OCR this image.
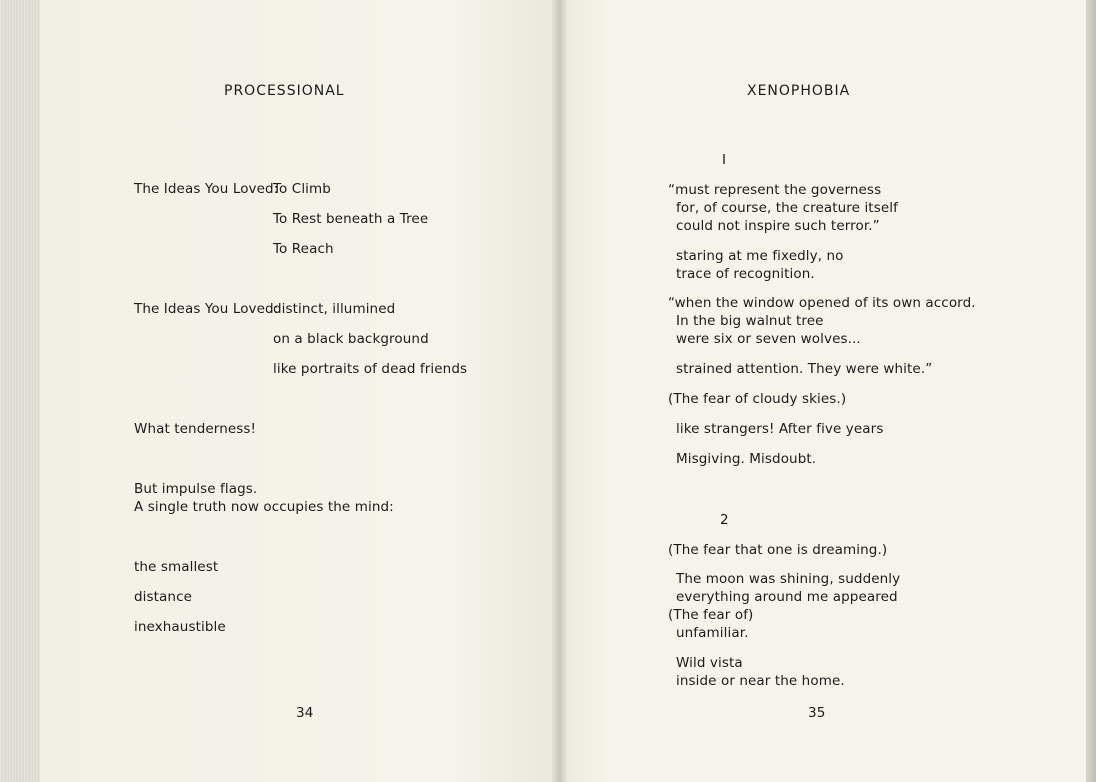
PROCESSIONAL
The Ideas You Loved:
To Climb
To Rest beneath a Tree
To Reach
The Ideas You Loved:
distinct, illumined
on a black background
like portraits of dead friends
What tenderness!
But impulse flags.
A single truth now occupies the mind:
the smallest
distance
inexhaustible
34
XENOPHOBIA
I
“must represent the governess
for, of course, the creature itself
could not inspire such terror.”
staring at me fixedly, no
trace of recognition.
“when the window opened of its own accord.
In the big walnut tree
were six or seven wolves...
strained attention. They were white.”
(The fear of cloudy skies.)
like strangers! After five years
Misgiving. Misdoubt.
2
(The fear that one is dreaming.)
The moon was shining, suddenly
everything around me appeared
(The fear of)
unfamiliar.
Wild vista
inside or near the home.
35
